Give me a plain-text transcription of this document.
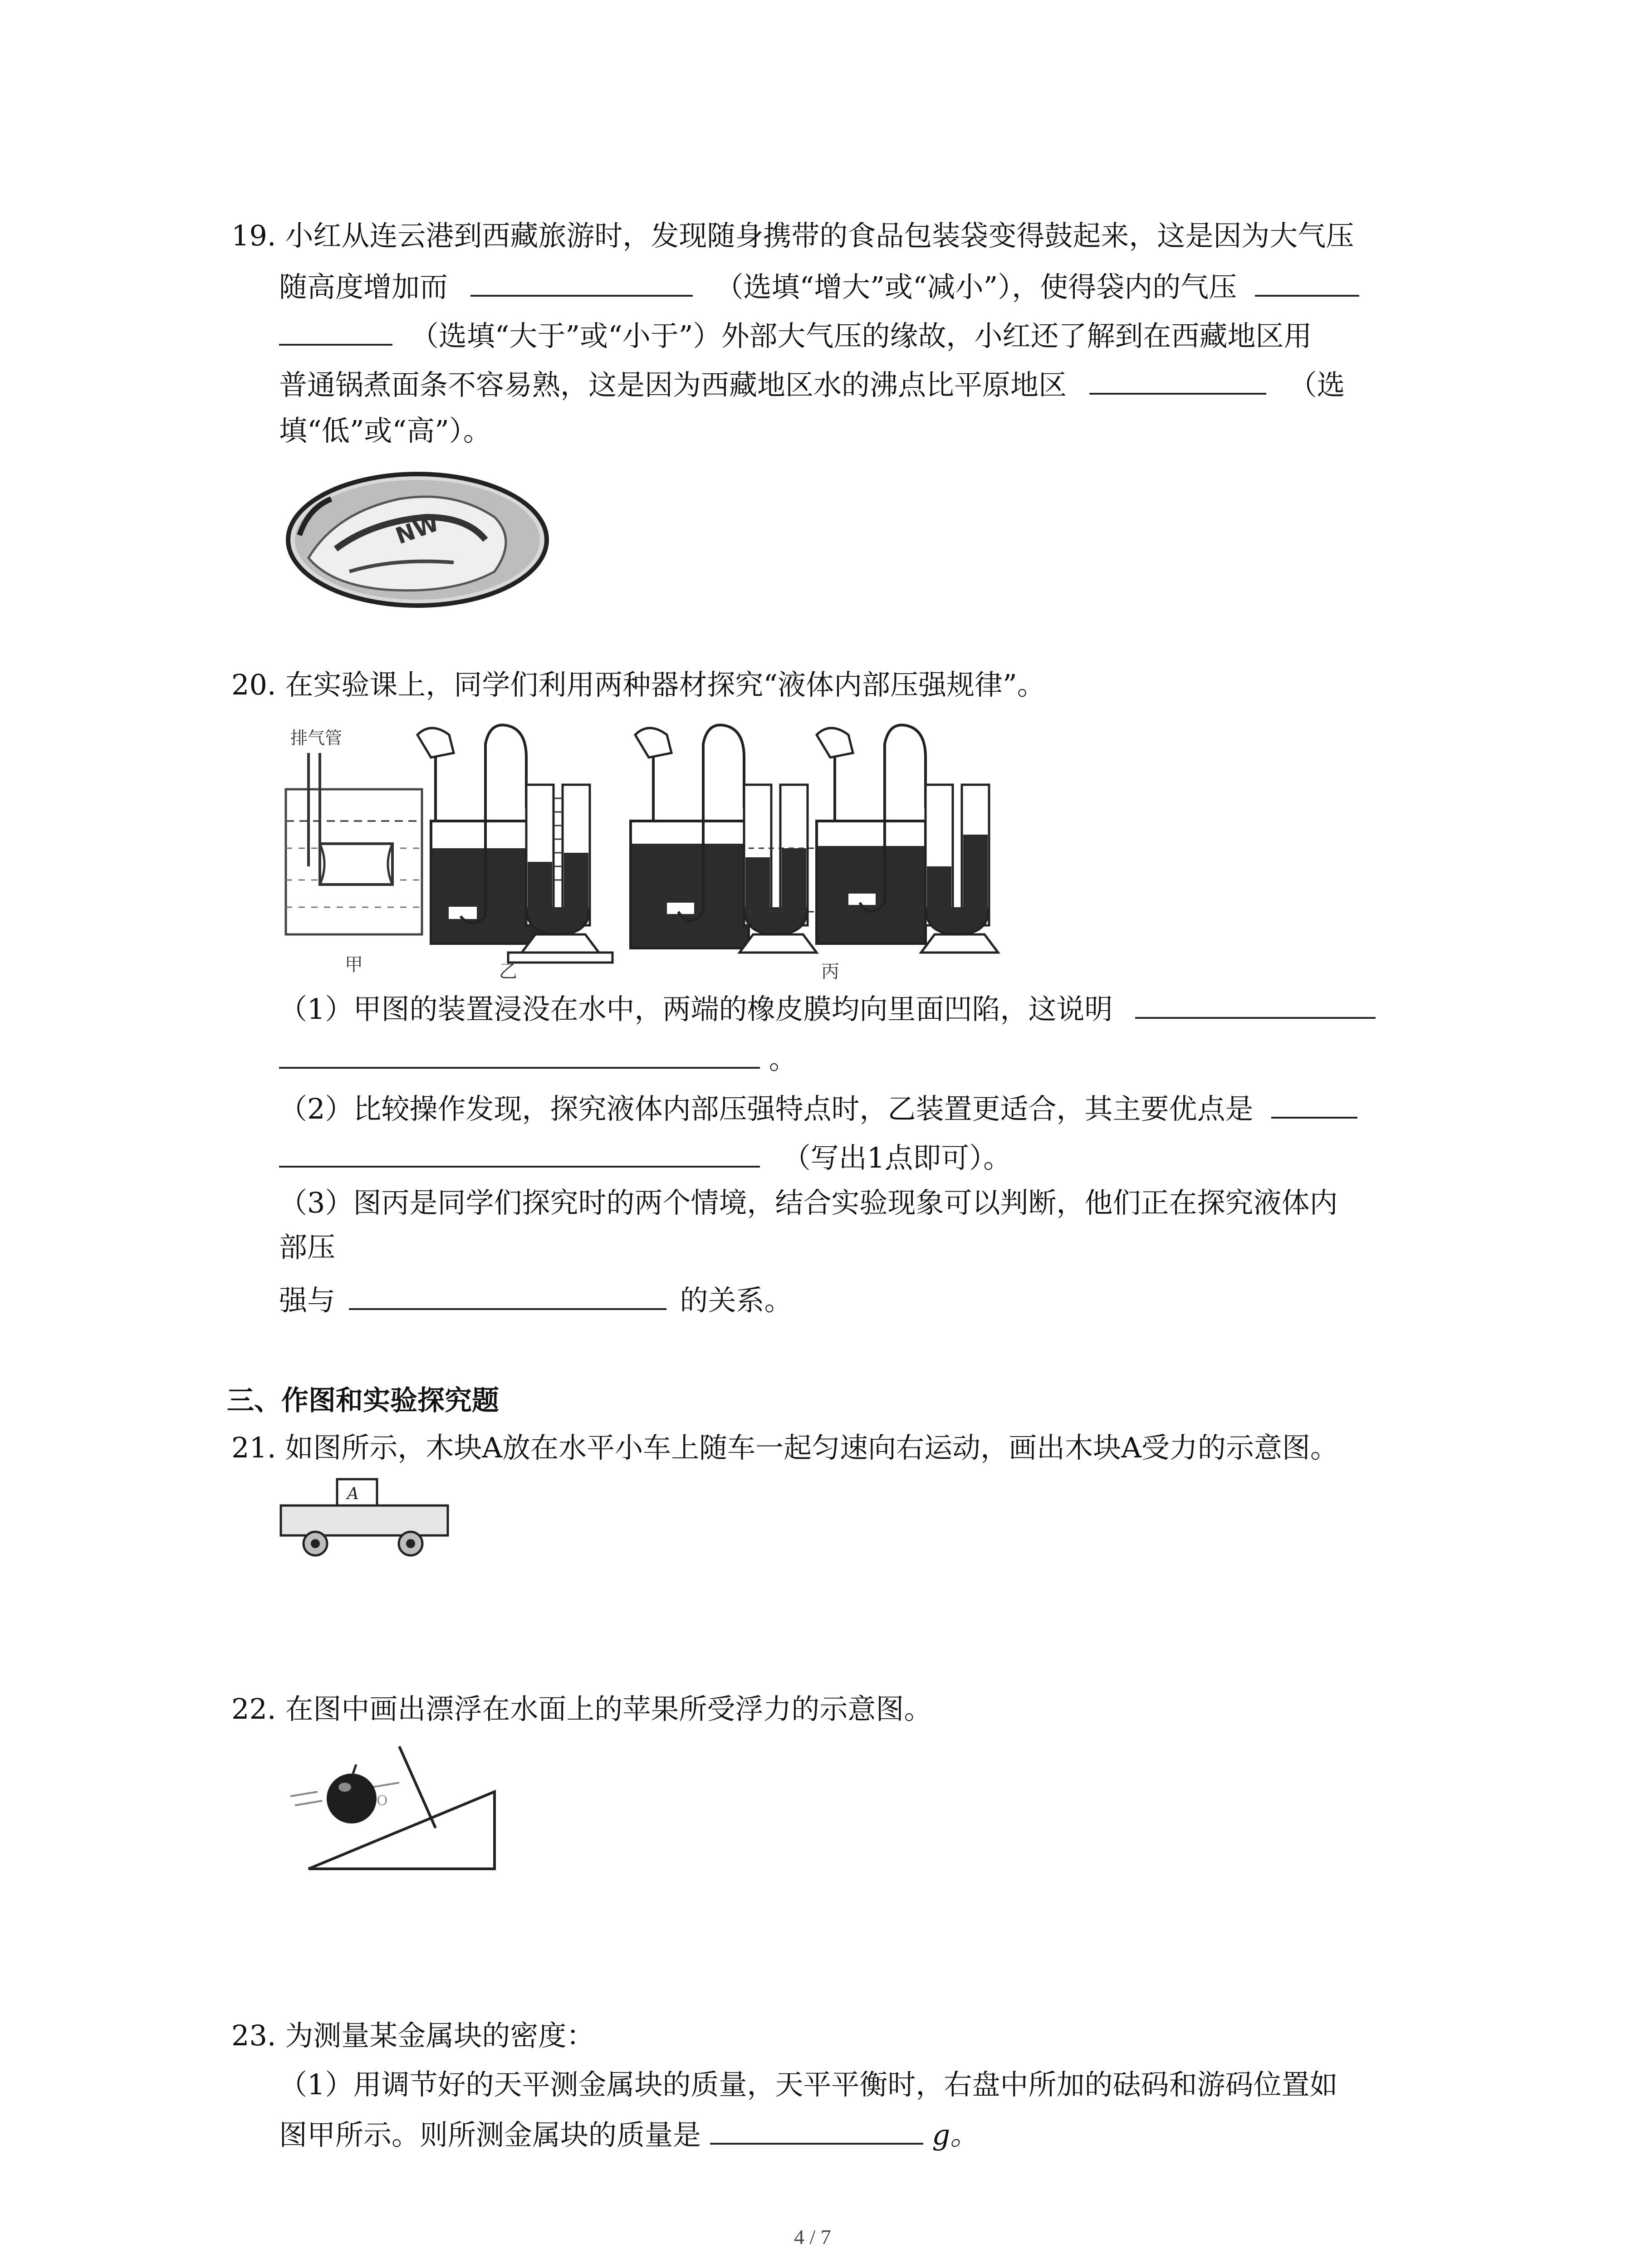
19. 小红从连云港到西藏旅游时，发现随身携带的食品包装袋变得鼓起来，这是因为大气压
随高度增加而	（选填“增大”或“减小”），使得袋内的气压
（选填“大于”或“小于”）外部大气压的缘故，小红还了解到在西藏地区用
普通锅煮面条不容易熟，这是因为西藏地区水的沸点比平原地区	（选
填“低”或“高”）。
NW
20. 在实验课上，同学们利用两种器材探究“液体内部压强规律”。
排气管
甲	乙	丙
（1）甲图的装置浸没在水中，两端的橡皮膜均向里面凹陷，这说明
。
（2）比较操作发现，探究液体内部压强特点时，乙装置更适合，其主要优点是
（写出1点即可）。
（3）图丙是同学们探究时的两个情境，结合实验现象可以判断，他们正在探究液体内
部压
强与	的关系。
三、作图和实验探究题
21. 如图所示，木块A放在水平小车上随车一起匀速向右运动，画出木块A受力的示意图。
A
22. 在图中画出漂浮在水面上的苹果所受浮力的示意图。
O
23. 为测量某金属块的密度：
（1）用调节好的天平测金属块的质量，天平平衡时，右盘中所加的砝码和游码位置如
图甲所示。则所测金属块的质量是	g。
4 / 7
